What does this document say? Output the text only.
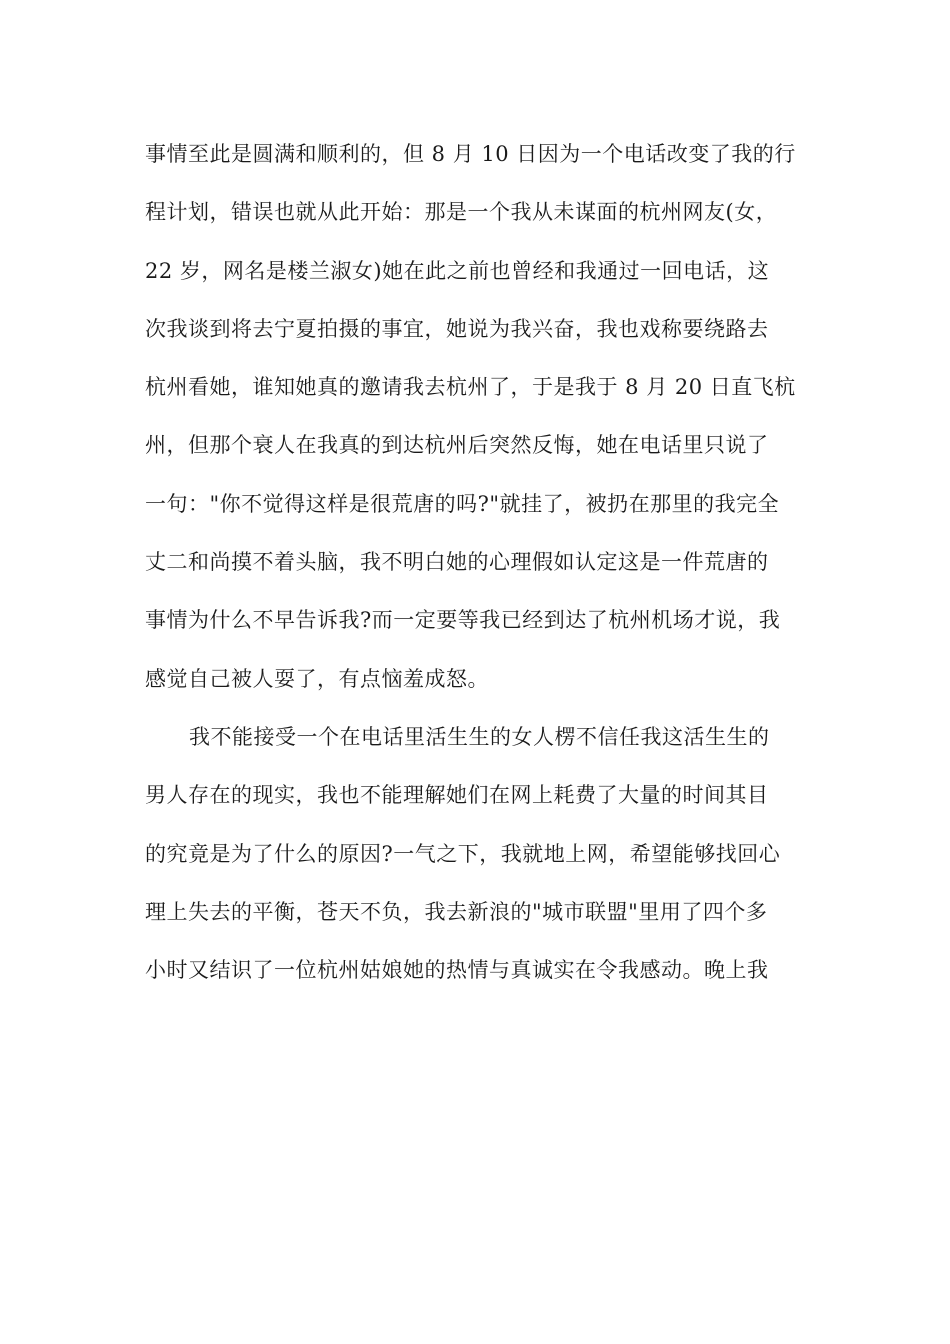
事情至此是圆满和顺利的，但 8 月 10 日因为一个电话改变了我的行
程计划，错误也就从此开始：那是一个我从未谋面的杭州网友(女，
22 岁，网名是楼兰淑女)她在此之前也曾经和我通过一回电话，这
次我谈到将去宁夏拍摄的事宜，她说为我兴奋，我也戏称要绕路去
杭州看她，谁知她真的邀请我去杭州了，于是我于 8 月 20 日直飞杭
州，但那个衰人在我真的到达杭州后突然反悔，她在电话里只说了
一句："你不觉得这样是很荒唐的吗?"就挂了，被扔在那里的我完全
丈二和尚摸不着头脑，我不明白她的心理假如认定这是一件荒唐的
事情为什么不早告诉我?而一定要等我已经到达了杭州机场才说，我
感觉自己被人耍了，有点恼羞成怒。
我不能接受一个在电话里活生生的女人楞不信任我这活生生的
男人存在的现实，我也不能理解她们在网上耗费了大量的时间其目
的究竟是为了什么的原因?一气之下，我就地上网，希望能够找回心
理上失去的平衡，苍天不负，我去新浪的"城市联盟"里用了四个多
小时又结识了一位杭州姑娘她的热情与真诚实在令我感动。晚上我
